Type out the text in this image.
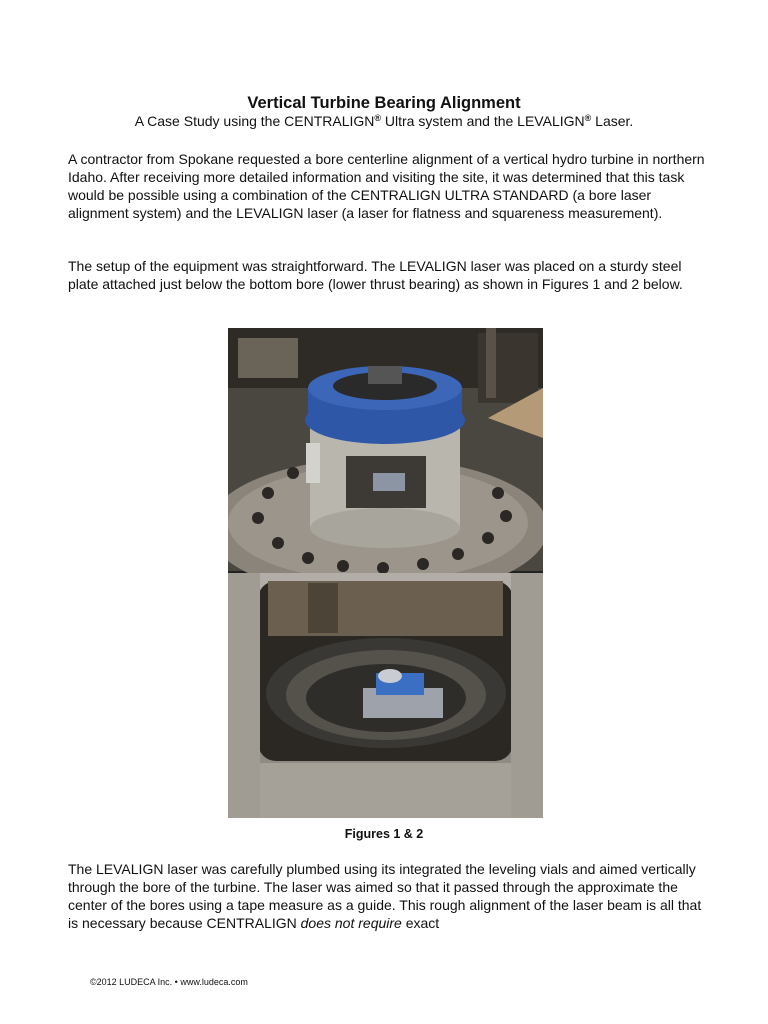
Vertical Turbine Bearing Alignment
A Case Study using the CENTRALIGN® Ultra system and the LEVALIGN® Laser.

A contractor from Spokane requested a bore centerline alignment of a vertical hydro turbine in northern Idaho. After receiving more detailed information and visiting the site, it was determined that this task would be possible using a combination of the CENTRALIGN ULTRA STANDARD (a bore laser alignment system) and the LEVALIGN laser (a laser for flatness and squareness measurement).

The setup of the equipment was straightforward. The LEVALIGN laser was placed on a sturdy steel plate attached just below the bottom bore (lower thrust bearing) as shown in Figures 1 and 2 below.

Figures 1 & 2

The LEVALIGN laser was carefully plumbed using its integrated the leveling vials and aimed vertically through the bore of the turbine. The laser was aimed so that it passed through the approximate the center of the bores using a tape measure as a guide. This rough alignment of the laser beam is all that is necessary because CENTRALIGN does not require exact

©2012 LUDECA Inc. • www.ludeca.com
